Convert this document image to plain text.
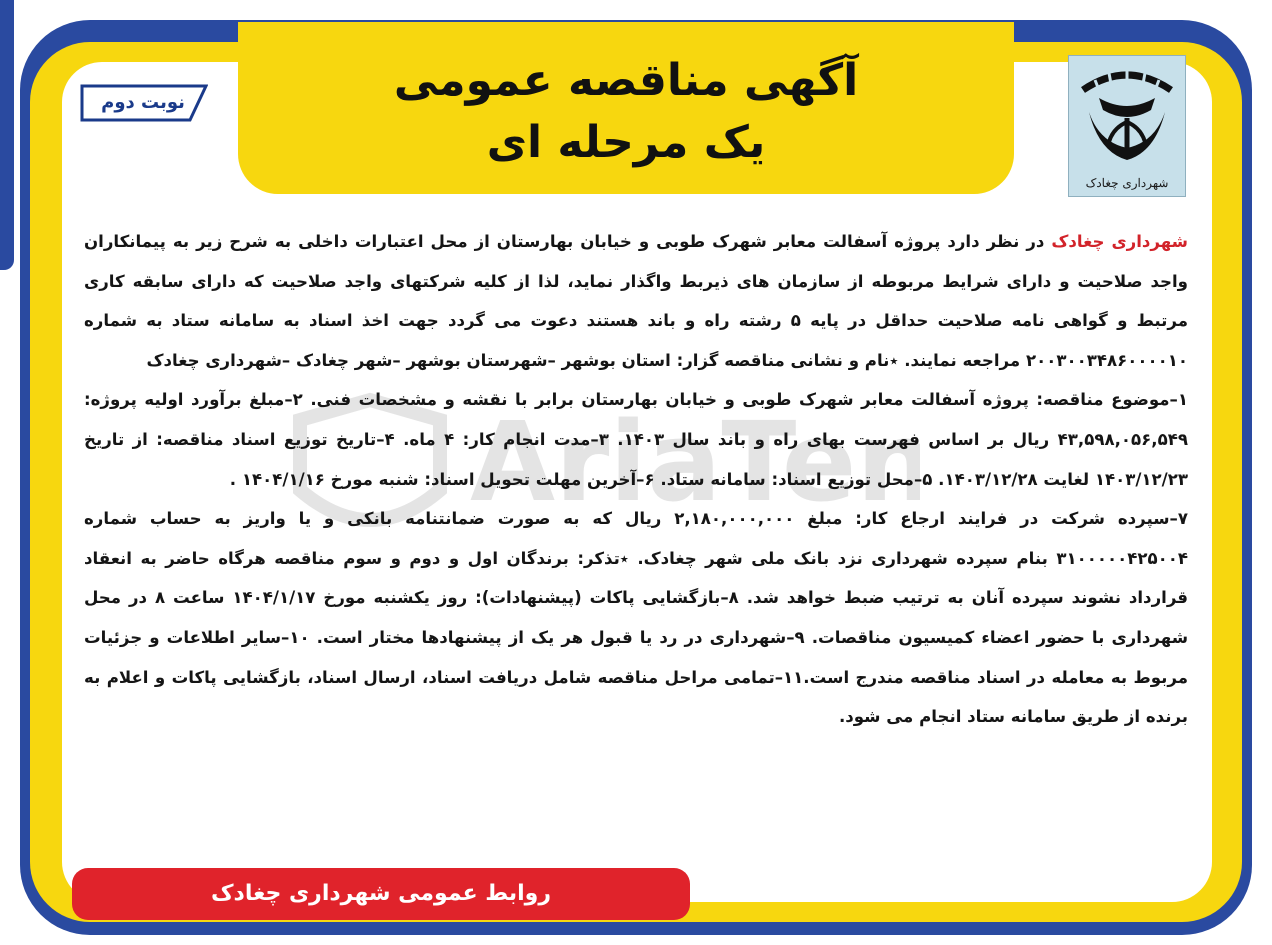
آگهی مناقصه عمومی
یک مرحله ای
شهرداری چغادک
نوبت دوم
AriaTen

شهرداری چغادک در نظر دارد پروژه آسفالت معابر شهرک طوبی و خیابان بهارستان از محل اعتبارات داخلی به شرح زیر به پیمانکاران واجد صلاحیت و دارای شرایط مربوطه از سازمان های ذیربط واگذار نماید، لذا از کلیه شرکتهای واجد صلاحیت که دارای سابقه کاری مرتبط و گواهی نامه صلاحیت حداقل در پایه ۵ رشته راه و باند هستند دعوت می گردد جهت اخذ اسناد به سامانه ستاد به شماره ۲۰۰۳۰۰۳۴۸۶۰۰۰۰۱۰ مراجعه نمایند. ٭نام و نشانی مناقصه گزار: استان بوشهر –شهرستان بوشهر –شهر چغادک –شهرداری چغادک

۱–موضوع مناقصه: پروژه آسفالت معابر شهرک طوبی و خیابان بهارستان برابر با نقشه و مشخصات فنی. ۲–مبلغ برآورد اولیه پروژه: ۴۳,۵۹۸,۰۵۶,۵۴۹ ریال بر اساس فهرست بهای راه و باند سال ۱۴۰۳. ۳–مدت انجام کار: ۴ ماه. ۴–تاریخ توزیع اسناد مناقصه: از تاریخ ۱۴۰۳/۱۲/۲۳ لغایت ۱۴۰۳/۱۲/۲۸. ۵–محل توزیع اسناد: سامانه ستاد. ۶–آخرین مهلت تحویل اسناد: شنبه مورخ ۱۴۰۴/۱/۱۶ .

۷–سپرده شرکت در فرایند ارجاع کار: مبلغ ۲,۱۸۰,۰۰۰,۰۰۰ ریال که به صورت ضمانتنامه بانکی و یا واریز به حساب شماره ۳۱۰۰۰۰۰۴۲۵۰۰۴ بنام سپرده شهرداری نزد بانک ملی شهر چغادک. ٭تذکر: برندگان اول و دوم و سوم مناقصه هرگاه حاضر به انعقاد قرارداد نشوند سپرده آنان به ترتیب ضبط خواهد شد. ۸–بازگشایی پاکات (پیشنهادات): روز یکشنبه مورخ ۱۴۰۴/۱/۱۷ ساعت ۸ در محل شهرداری با حضور اعضاء کمیسیون مناقصات. ۹–شهرداری در رد یا قبول هر یک از پیشنهادها مختار است. ۱۰–سایر اطلاعات و جزئیات مربوط به معامله در اسناد مناقصه مندرج است.۱۱–تمامی مراحل مناقصه شامل دریافت اسناد، ارسال اسناد، بازگشایی پاکات و اعلام به برنده از طریق سامانه ستاد انجام می شود.

روابط عمومی شهرداری چغادک
